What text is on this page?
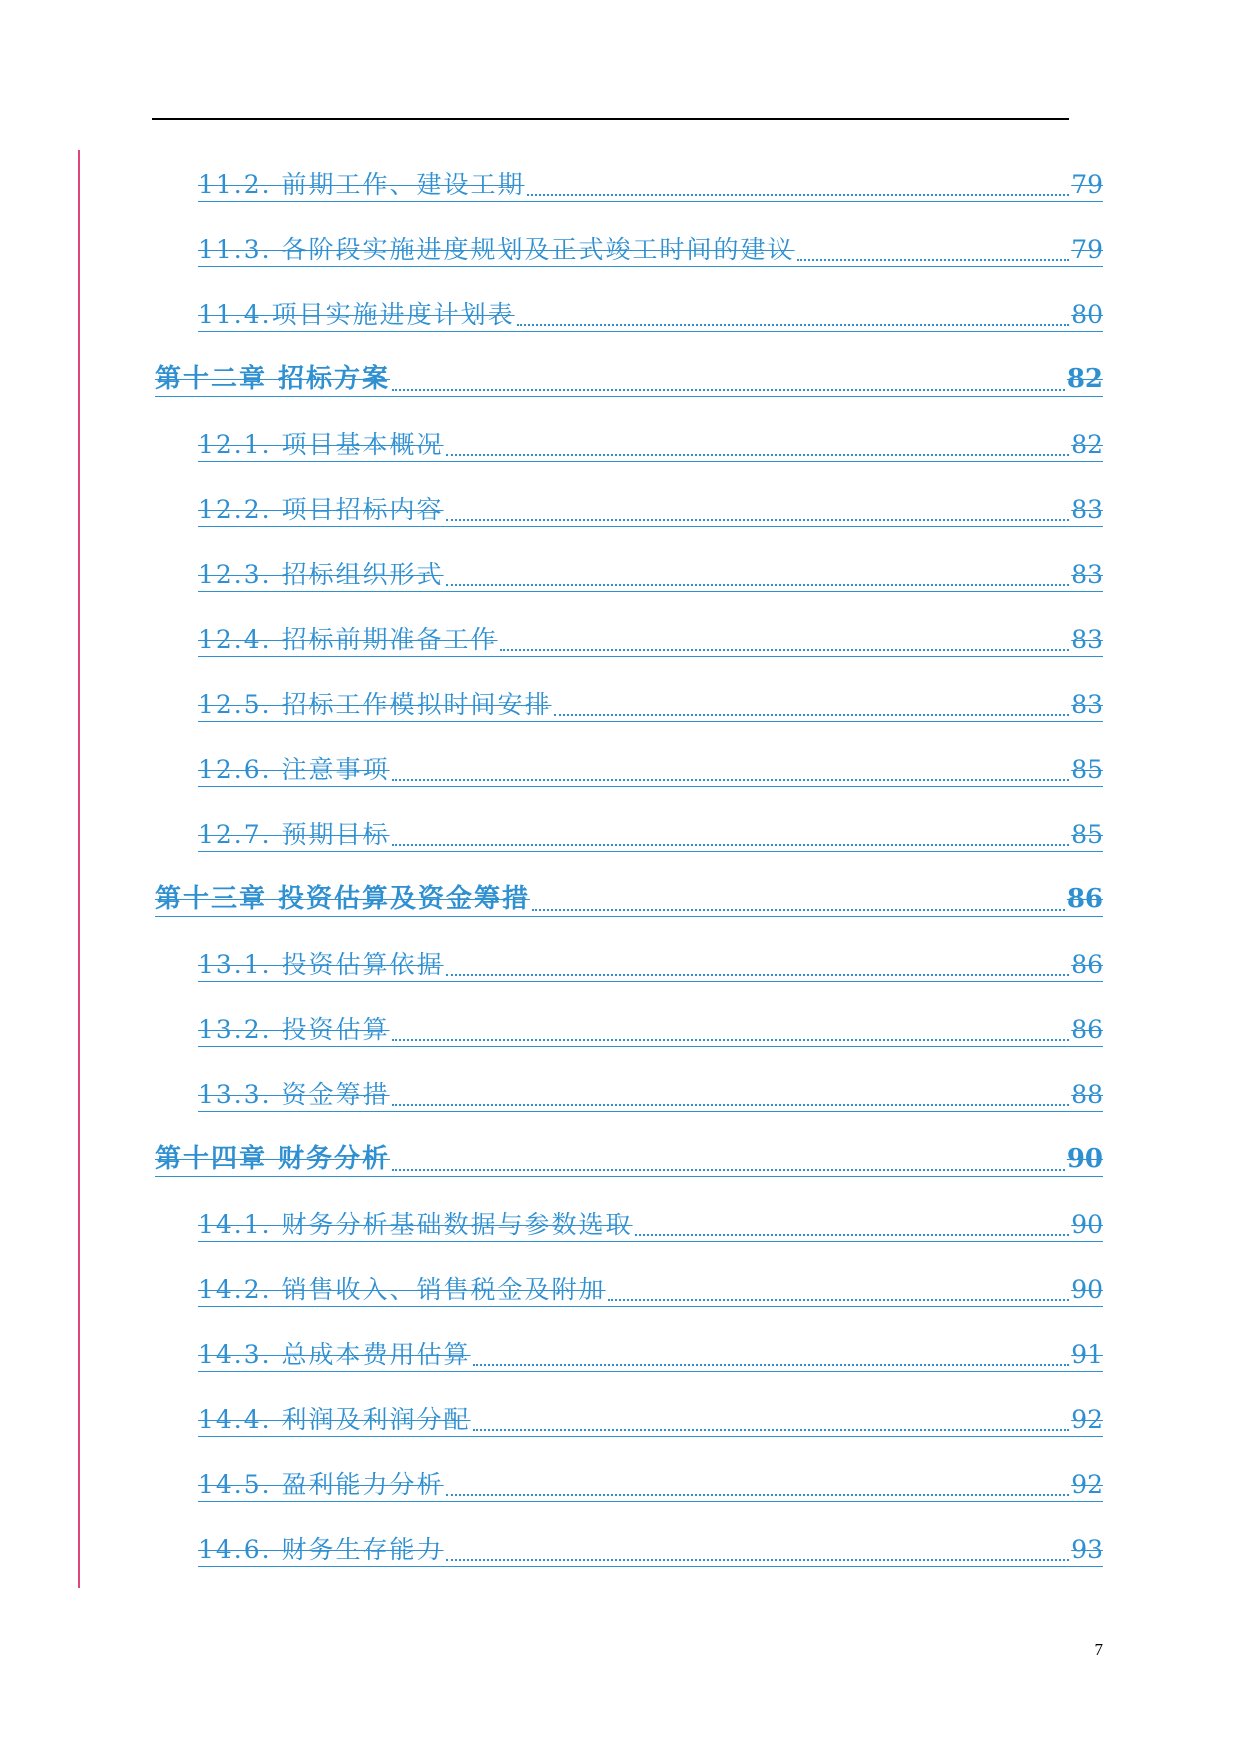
11.2. 前期工作、建设工期	79
11.3. 各阶段实施进度规划及正式竣工时间的建议	79
11.4.项目实施进度计划表	80
第十二章 招标方案	82
12.1. 项目基本概况	82
12.2. 项目招标内容	83
12.3. 招标组织形式	83
12.4. 招标前期准备工作	83
12.5. 招标工作模拟时间安排	83
12.6. 注意事项	85
12.7. 预期目标	85
第十三章 投资估算及资金筹措	86
13.1. 投资估算依据	86
13.2. 投资估算	86
13.3. 资金筹措	88
第十四章 财务分析	90
14.1. 财务分析基础数据与参数选取	90
14.2. 销售收入、销售税金及附加	90
14.3. 总成本费用估算	91
14.4. 利润及利润分配	92
14.5. 盈利能力分析	92
14.6. 财务生存能力	93
7
